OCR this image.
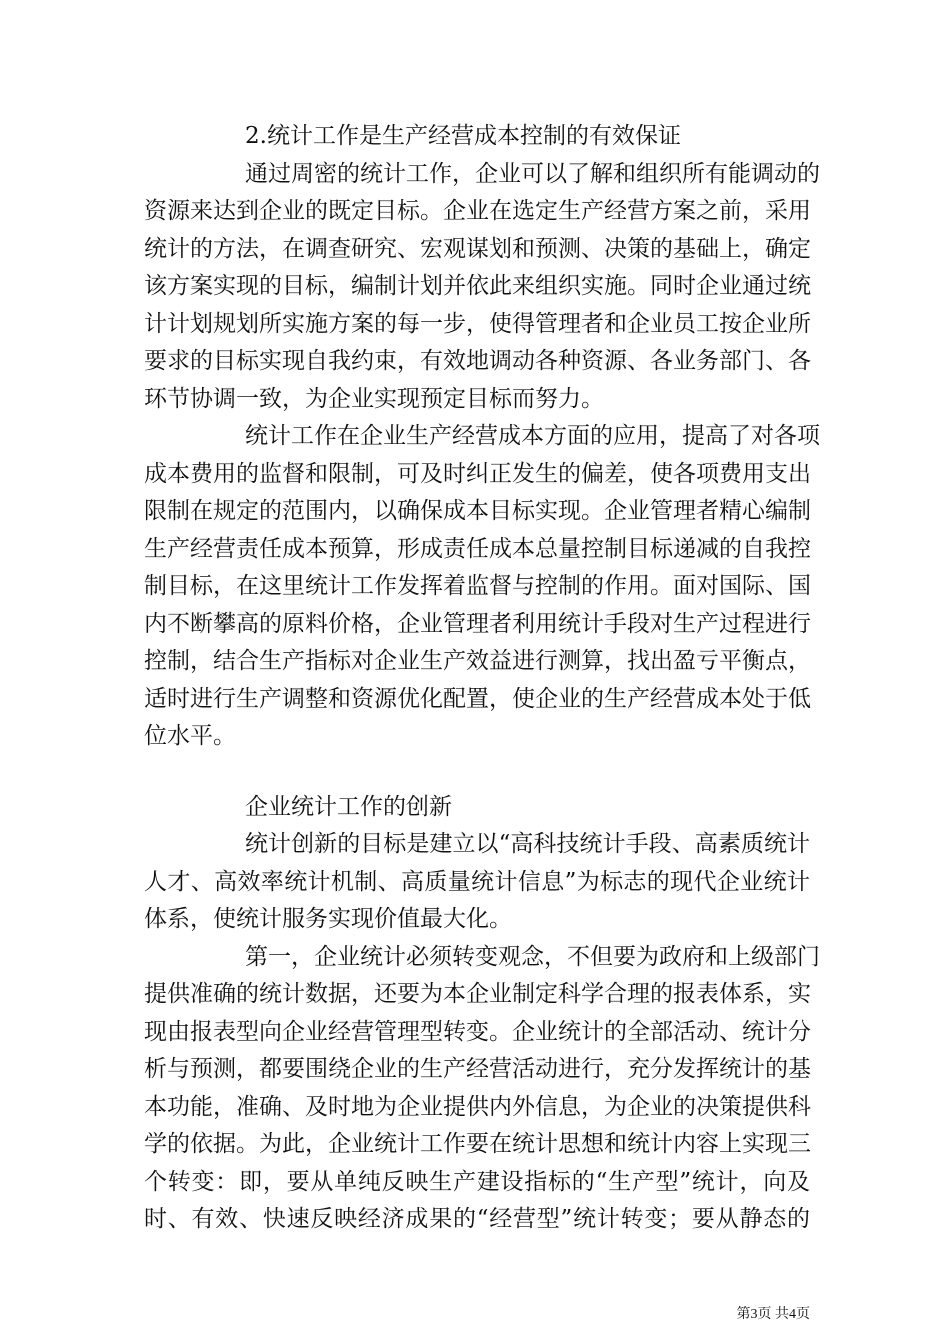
2.统计工作是生产经营成本控制的有效保证
通过周密的统计工作，企业可以了解和组织所有能调动的
资源来达到企业的既定目标。企业在选定生产经营方案之前，采用
统计的方法，在调查研究、宏观谋划和预测、决策的基础上，确定
该方案实现的目标，编制计划并依此来组织实施。同时企业通过统
计计划规划所实施方案的每一步，使得管理者和企业员工按企业所
要求的目标实现自我约束，有效地调动各种资源、各业务部门、各
环节协调一致，为企业实现预定目标而努力。
统计工作在企业生产经营成本方面的应用，提高了对各项
成本费用的监督和限制，可及时纠正发生的偏差，使各项费用支出
限制在规定的范围内，以确保成本目标实现。企业管理者精心编制
生产经营责任成本预算，形成责任成本总量控制目标递减的自我控
制目标，在这里统计工作发挥着监督与控制的作用。面对国际、国
内不断攀高的原料价格，企业管理者利用统计手段对生产过程进行
控制，结合生产指标对企业生产效益进行测算，找出盈亏平衡点，
适时进行生产调整和资源优化配置，使企业的生产经营成本处于低
位水平。
企业统计工作的创新
统计创新的目标是建立以“高科技统计手段、高素质统计
人才、高效率统计机制、高质量统计信息”为标志的现代企业统计
体系，使统计服务实现价值最大化。
第一，企业统计必须转变观念，不但要为政府和上级部门
提供准确的统计数据，还要为本企业制定科学合理的报表体系，实
现由报表型向企业经营管理型转变。企业统计的全部活动、统计分
析与预测，都要围绕企业的生产经营活动进行，充分发挥统计的基
本功能，准确、及时地为企业提供内外信息，为企业的决策提供科
学的依据。为此，企业统计工作要在统计思想和统计内容上实现三
个转变：即，要从单纯反映生产建设指标的“生产型”统计，向及
时、有效、快速反映经济成果的“经营型”统计转变；要从静态的
第3页 共4页
